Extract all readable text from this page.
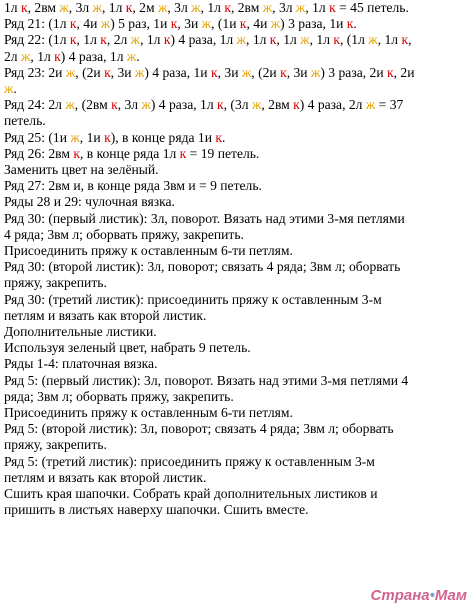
1л к, 2вм ж, 3л ж, 1л к, 2м ж, 3л ж, 1л к, 2вм ж, 3л ж, 1л к = 45 петель.
Ряд 21: (1л к, 4и ж) 5 раз, 1и к, 3и ж, (1и к, 4и ж) 3 раза, 1и к.
Ряд 22: (1л к, 1л к, 2л ж, 1л к) 4 раза, 1л ж, 1л к, 1л ж, 1л к, (1л ж, 1л к,
2л ж, 1л к) 4 раза, 1л ж.
Ряд 23: 2и ж, (2и к, 3и ж) 4 раза, 1и к, 3и ж, (2и к, 3и ж) 3 раза, 2и к, 2и
ж.
Ряд 24: 2л ж, (2вм к, 3л ж) 4 раза, 1л к, (3л ж, 2вм к) 4 раза, 2л ж = 37
петель.
Ряд 25: (1и ж, 1и к), в конце ряда 1и к.
Ряд 26: 2вм к, в конце ряда 1л к = 19 петель.
Заменить цвет на зелёный.
Ряд 27: 2вм и, в конце ряда 3вм и = 9 петель.
Ряды 28 и 29: чулочная вязка.
Ряд 30: (первый листик): 3л, поворот. Вязать над этими 3-мя петлями
4 ряда; 3вм л; оборвать пряжу, закрепить.
Присоединить пряжу к оставленным 6-ти петлям.
Ряд 30: (второй листик): 3л, поворот; связать 4 ряда; 3вм л; оборвать
пряжу, закрепить.
Ряд 30: (третий листик): присоединить пряжу к оставленным 3-м
петлям и вязать как второй листик.
Дополнительные листики.
Используя зеленый цвет, набрать 9 петель.
Ряды 1-4: платочная вязка.
Ряд 5: (первый листик): 3л, поворот. Вязать над этими 3-мя петлями 4
ряда; 3вм л; оборвать пряжу, закрепить.
Присоединить пряжу к оставленным 6-ти петлям.
Ряд 5: (второй листик): 3л, поворот; связать 4 ряда; 3вм л; оборвать
пряжу, закрепить.
Ряд 5: (третий листик): присоединить пряжу к оставленным 3-м
петлям и вязать как второй листик.
Сшить края шапочки. Собрать край дополнительных листиков и
пришить в листьях наверху шапочки. Сшить вместе.
Страна•Мам
